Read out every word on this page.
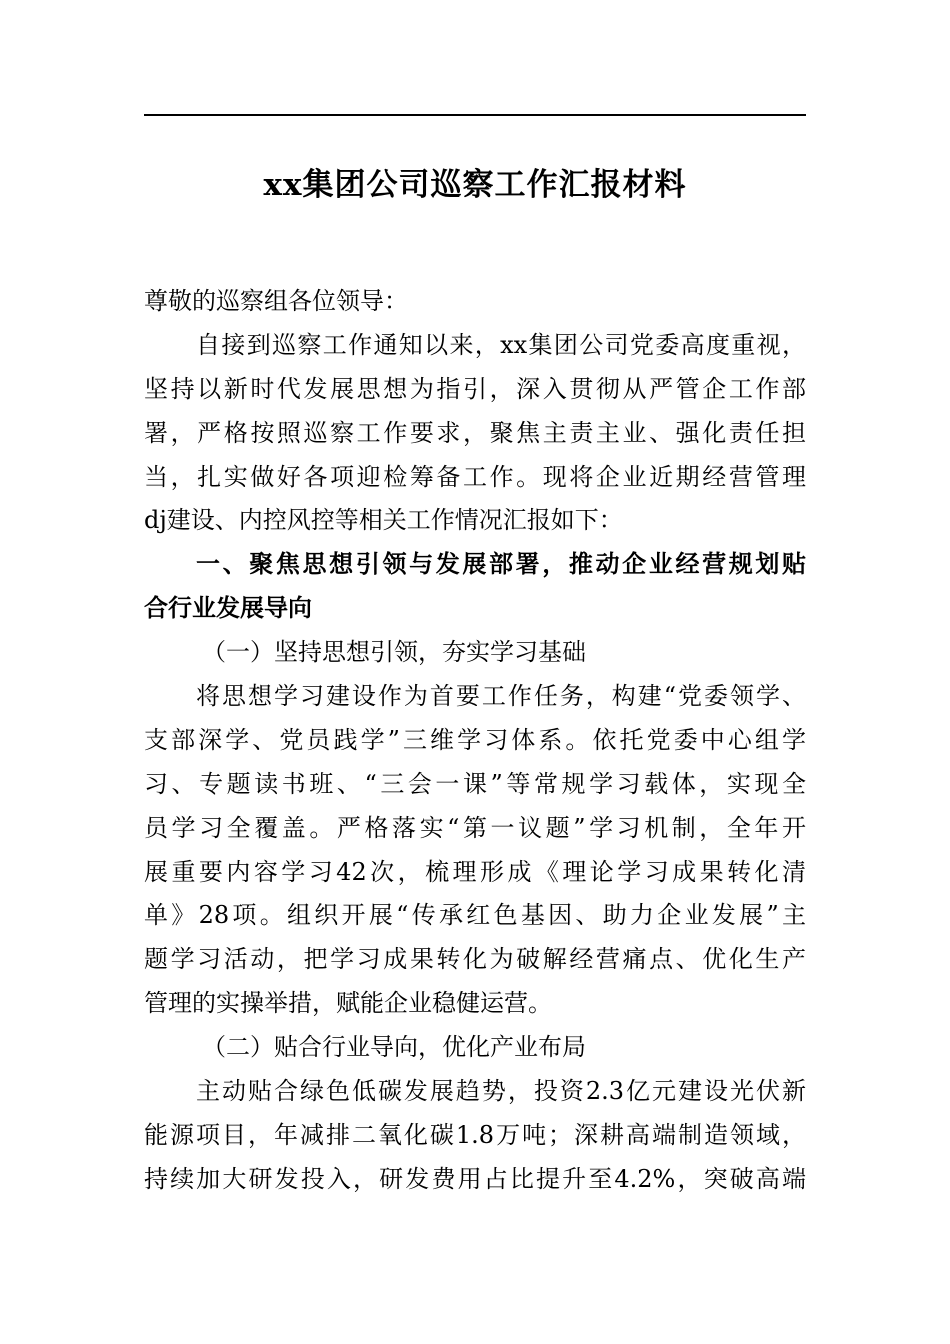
xx集团公司巡察工作汇报材料
尊敬的巡察组各位领导：
自接到巡察工作通知以来，xx集团公司党委高度重视，
坚持以新时代发展思想为指引，深入贯彻从严管企工作部
署，严格按照巡察工作要求，聚焦主责主业、强化责任担
当，扎实做好各项迎检筹备工作。现将企业近期经营管理
dj建设、内控风控等相关工作情况汇报如下：
一、聚焦思想引领与发展部署，推动企业经营规划贴
合行业发展导向
（一）坚持思想引领，夯实学习基础
将思想学习建设作为首要工作任务，构建“党委领学、
支部深学、党员践学”三维学习体系。依托党委中心组学
习、专题读书班、“三会一课”等常规学习载体，实现全
员学习全覆盖。严格落实“第一议题”学习机制，全年开
展重要内容学习42次，梳理形成《理论学习成果转化清
单》28项。组织开展“传承红色基因、助力企业发展”主
题学习活动，把学习成果转化为破解经营痛点、优化生产
管理的实操举措，赋能企业稳健运营。
（二）贴合行业导向，优化产业布局
主动贴合绿色低碳发展趋势，投资2.3亿元建设光伏新
能源项目，年减排二氧化碳1.8万吨；深耕高端制造领域，
持续加大研发投入，研发费用占比提升至4.2%，突破高端
